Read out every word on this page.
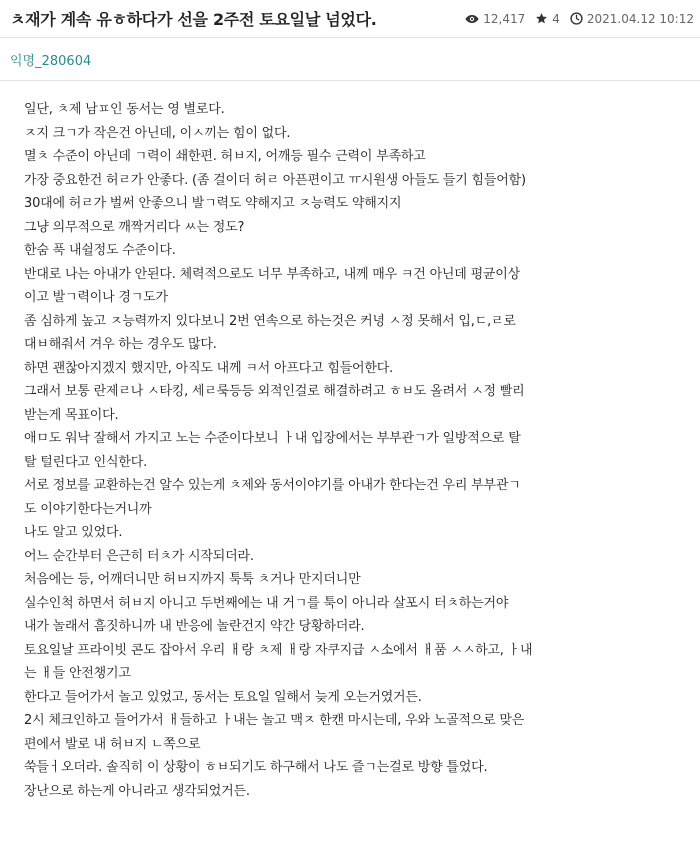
ㅊ재가 계속 유ㅎ하다가 선을 2주전 토요일날 넘었다.	12,417 4 2021.04.12 10:12
익명_280604

일단, ㅊ제 남ㅍ인 동서는 영 별로다.

ㅈ지 크ㄱ가 작은건 아닌데, 이ㅅ끼는 힘이 없다.

멸ㅊ 수준이 아닌데 ㄱ력이 쇄한편. 허ㅂ지, 어깨등 필수 근력이 부족하고

가장 중요한건 허ㄹ가 안좋다. (좀 걸이더 허ㄹ 아픈편이고 ㅠ시원생 아들도 들기 힘들어함)

30대에 허ㄹ가 벌써 안좋으니 발ㄱ력도 약해지고 ㅈ능력도 약해지지

그냥 의무적으로 깨짝거리다 ㅆ는 정도?

한숨 푹 내쉴정도 수준이다.

반대로 나는 아내가 안된다. 체력적으로도 너무 부족하고, 내께 매우 ㅋ건 아닌데 평균이상

이고 발ㄱ력이나 경ㄱ도가

좀 심하게 높고 ㅈ능력까지 있다보니 2번 연속으로 하는것은 커녕 ㅅ정 못해서 입,ㄷ,ㄹ로

대ㅂ해줘서 겨우 하는 경우도 많다.

하면 괜찮아지겠지 했지만, 아직도 내께 ㅋ서 아프다고 힘들어한다.

그래서 보통 란제ㄹ나 ㅅ타킹, 세ㄹ룩등등 외적인걸로 해결하려고 ㅎㅂ도 올려서 ㅅ정 빨리

받는게 목표이다.

애ㅁ도 워낙 잘해서 가지고 노는 수준이다보니 ㅏ내 입장에서는 부부관ㄱ가 일방적으로 탈

탈 털린다고 인식한다.

서로 정보를 교환하는건 알수 있는게 ㅊ제와 동서이야기를 아내가 한다는건 우리 부부관ㄱ

도 이야기한다는거니까

나도 알고 있었다.

어느 순간부터 은근히 터ㅊ가 시작되더라.

처음에는 등, 어깨더니만 허ㅂ지까지 툭툭 ㅊ거나 만지더니만

실수인척 하면서 허ㅂ지 아니고 두번째에는 내 거ㄱ를 툭이 아니라 살포시 터ㅊ하는거야

내가 놀래서 흠짓하니까 내 반응에 놀란건지 약간 당황하더라.

토요일날 프라이빗 콘도 잡아서 우리 ㅐ랑 ㅊ제 ㅐ랑 자쿠지급 ㅅ소에서 ㅐ품 ㅅㅅ하고, ㅏ내

는 ㅐ들 안전챙기고

한다고 들어가서 놀고 있었고, 동서는 토요일 일해서 늦게 오는거였거든.

2시 체크인하고 들어가서 ㅐ들하고 ㅏ내는 놀고 맥ㅈ 한캔 마시는데, 우와 노골적으로 맞은

편에서 발로 내 허ㅂ지 ㄴ쪽으로

쑥들ㅓ오더라. 솔직히 이 상황이 ㅎㅂ되기도 하구해서 나도 즐ㄱ는걸로 방향 틀었다.

장난으로 하는게 아니라고 생각되었거든.
